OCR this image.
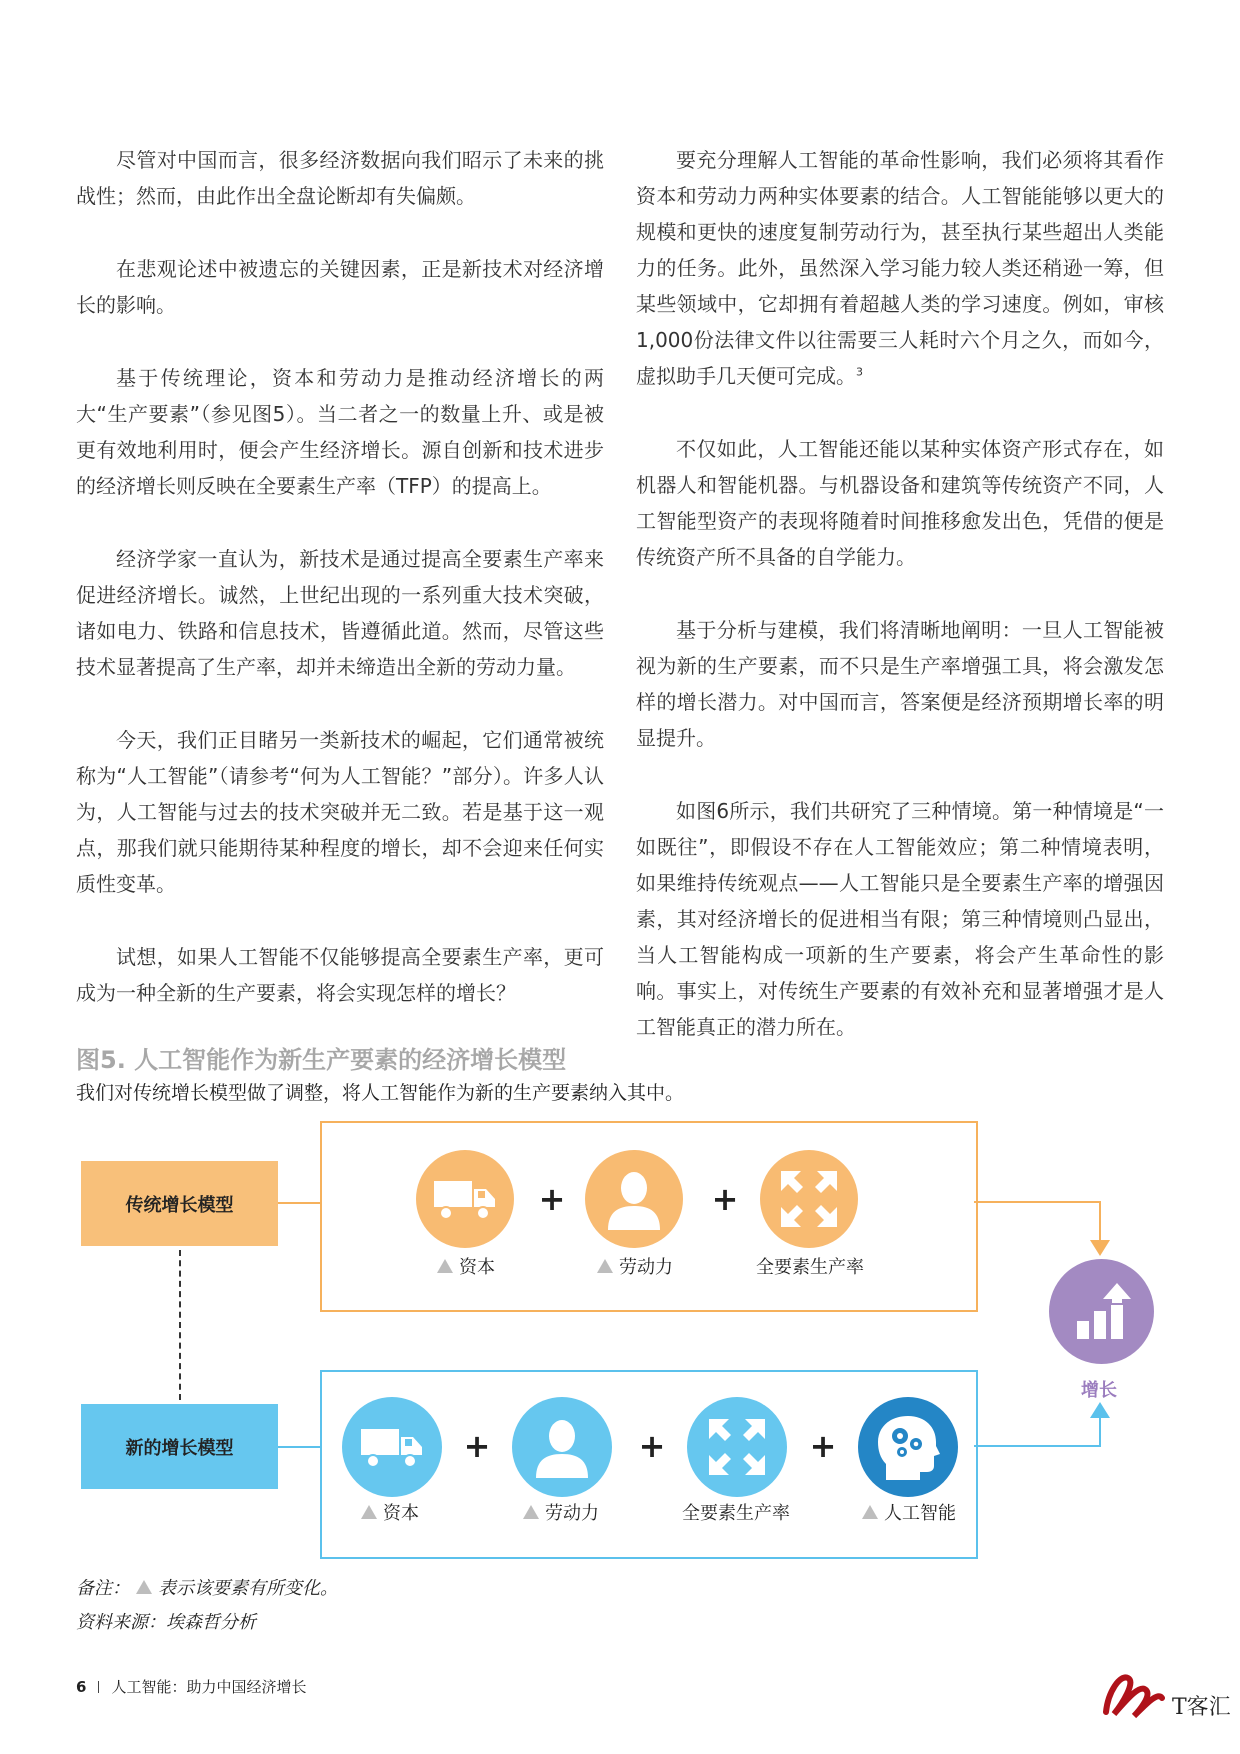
尽管对中国而言，很多经济数据向我们昭示了未来的挑战性；然而，由此作出全盘论断却有失偏颇。

在悲观论述中被遗忘的关键因素，正是新技术对经济增长的影响。

基于传统理论，资本和劳动力是推动经济增长的两大“生产要素”（参见图5）。当二者之一的数量上升、或是被更有效地利用时，便会产生经济增长。源自创新和技术进步的经济增长则反映在全要素生产率（TFP）的提高上。

经济学家一直认为，新技术是通过提高全要素生产率来促进经济增长。诚然，上世纪出现的一系列重大技术突破，诸如电力、铁路和信息技术，皆遵循此道。然而，尽管这些技术显著提高了生产率，却并未缔造出全新的劳动力量。

今天，我们正目睹另一类新技术的崛起，它们通常被统称为“人工智能”（请参考“何为人工智能？”部分）。许多人认为，人工智能与过去的技术突破并无二致。若是基于这一观点，那我们就只能期待某种程度的增长，却不会迎来任何实质性变革。

试想，如果人工智能不仅能够提高全要素生产率，更可成为一种全新的生产要素，将会实现怎样的增长？

要充分理解人工智能的革命性影响，我们必须将其看作资本和劳动力两种实体要素的结合。人工智能能够以更大的规模和更快的速度复制劳动行为，甚至执行某些超出人类能力的任务。此外，虽然深入学习能力较人类还稍逊一筹，但某些领域中，它却拥有着超越人类的学习速度。例如，审核1,000份法律文件以往需要三人耗时六个月之久，而如今，虚拟助手几天便可完成。$^3$

不仅如此，人工智能还能以某种实体资产形式存在，如机器人和智能机器。与机器设备和建筑等传统资产不同，人工智能型资产的表现将随着时间推移愈发出色，凭借的便是传统资产所不具备的自学能力。

基于分析与建模，我们将清晰地阐明：一旦人工智能被视为新的生产要素，而不只是生产率增强工具，将会激发怎样的增长潜力。对中国而言，答案便是经济预期增长率的明显提升。

如图6所示，我们共研究了三种情境。第一种情境是“一如既往”，即假设不存在人工智能效应；第二种情境表明，如果维持传统观点——人工智能只是全要素生产率的增强因素，其对经济增长的促进相当有限；第三种情境则凸显出，当人工智能构成一项新的生产要素，将会产生革命性的影响。事实上，对传统生产要素的有效补充和显著增强才是人工智能真正的潜力所在。

图5. 人工智能作为新生产要素的经济增长模型
我们对传统增长模型做了调整，将人工智能作为新的生产要素纳入其中。
传统增长模型
新的增长模型
+	+
资本	劳动力	全要素生产率
+	+	+
资本	劳动力	全要素生产率	人工智能
增长
备注： 表示该要素有所变化。
资料来源：埃森哲分析
6 人工智能：助力中国经济增长
T客汇
